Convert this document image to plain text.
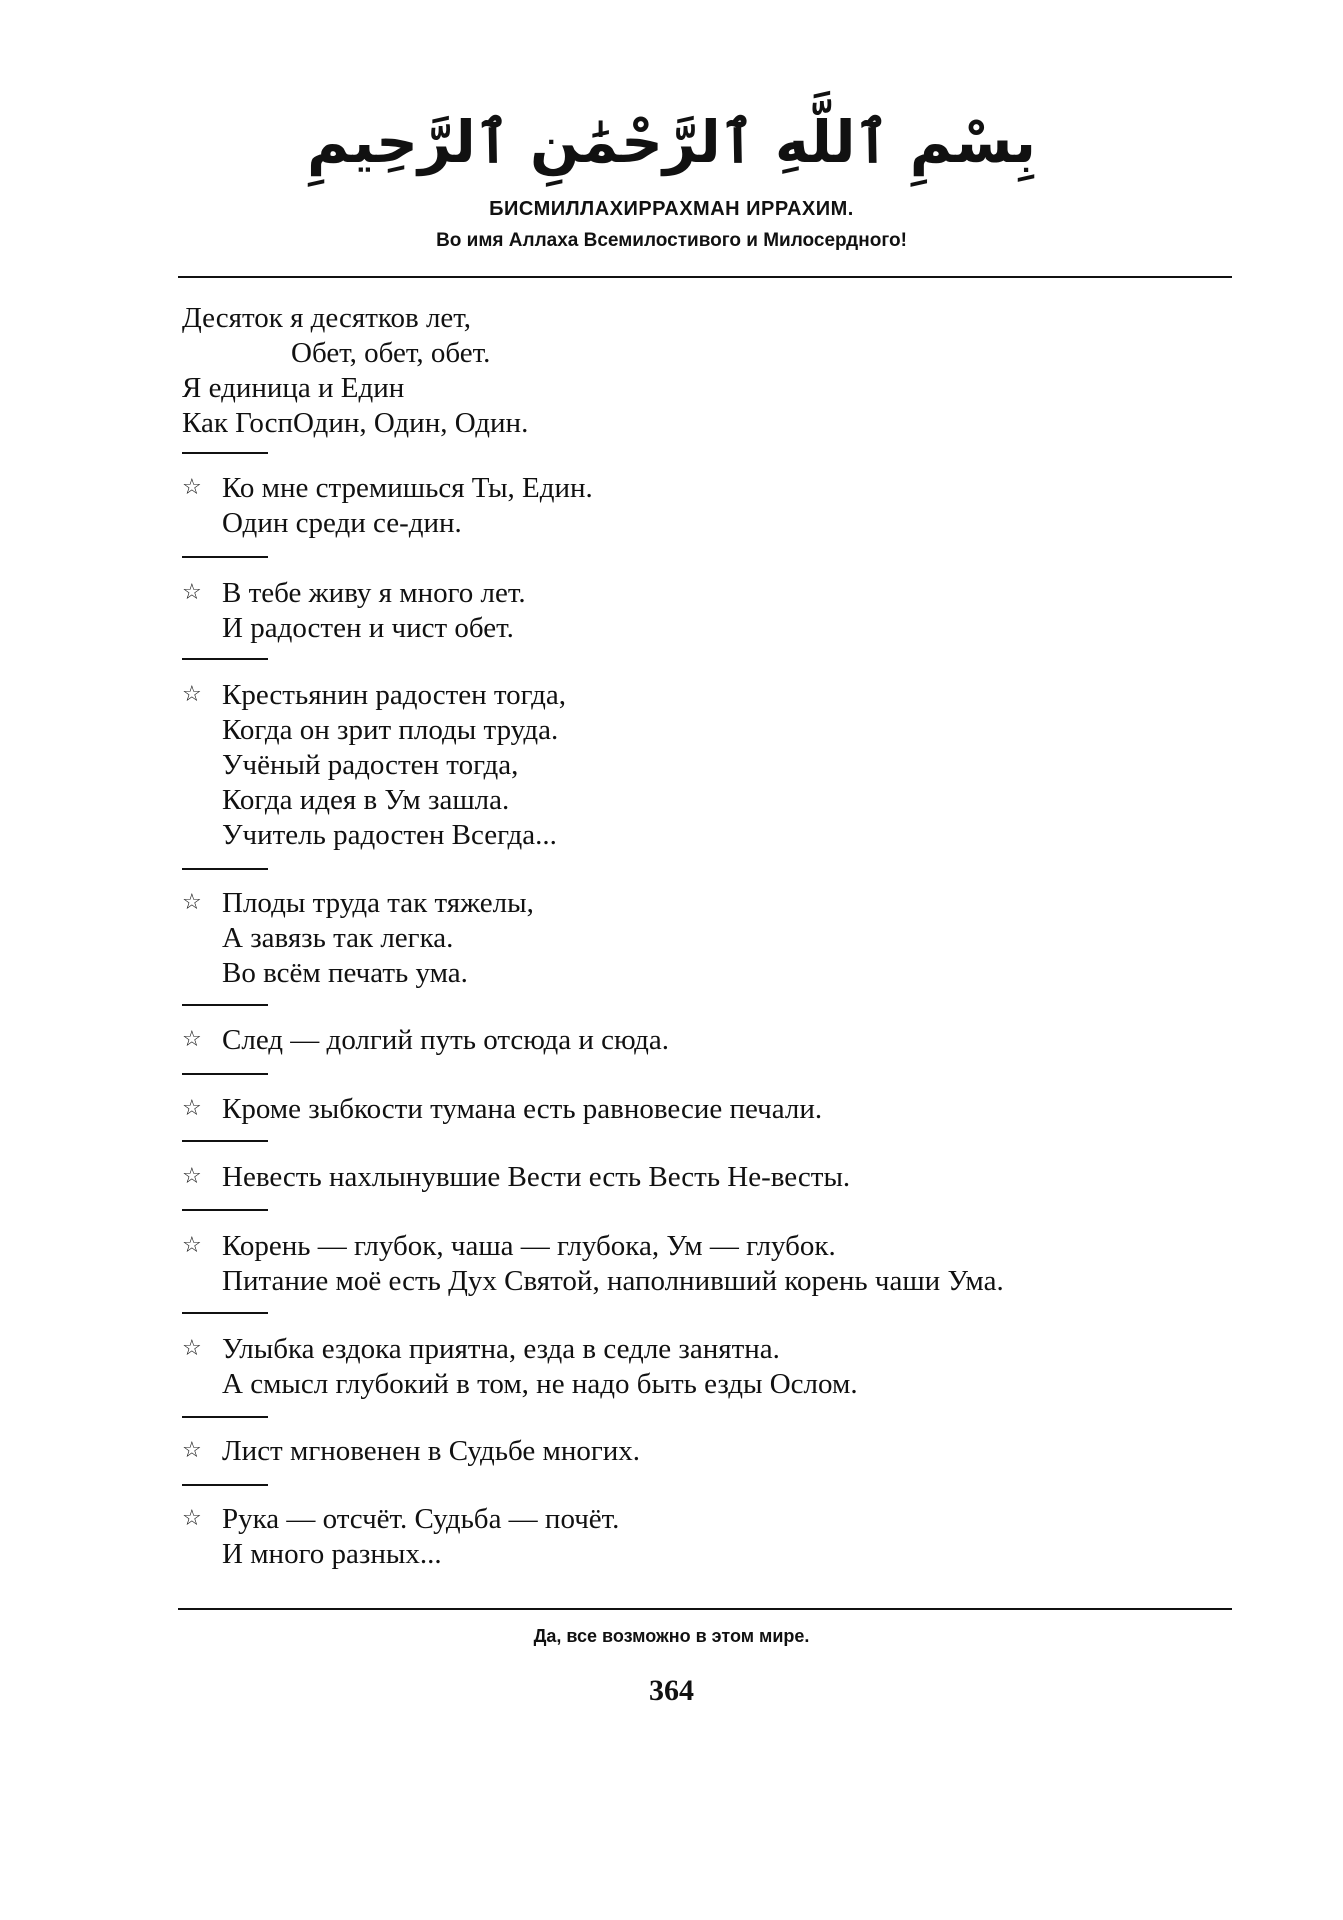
بِسْمِ ٱللَّهِ ٱلرَّحْمَٰنِ ٱلرَّحِيمِ
БИСМИЛЛАХИРРАХМАН ИРРАХИМ.
Во имя Аллаха Всемилостивого и Милосердного!
Десяток я десятков лет,
Обет, обет, обет.
Я единица и Един
Как ГоспОдин, Один, Один.
☆ Ко мне стремишься Ты, Един.
Один среди се-дин.
☆ В тебе живу я много лет.
И радостен и чист обет.
☆ Крестьянин радостен тогда,
Когда он зрит плоды труда.
Учёный радостен тогда,
Когда идея в Ум зашла.
Учитель радостен Всегда...
☆ Плоды труда так тяжелы,
А завязь так легка.
Во всём печать ума.
☆ След — долгий путь отсюда и сюда.
☆ Кроме зыбкости тумана есть равновесие печали.
☆ Невесть нахлынувшие Вести есть Весть Не-весты.
☆ Корень — глубок, чаша — глубока, Ум — глубок.
Питание моё есть Дух Святой, наполнивший корень чаши Ума.
☆ Улыбка ездока приятна, езда в седле занятна.
А смысл глубокий в том, не надо быть езды Ослом.
☆ Лист мгновенен в Судьбе многих.
☆ Рука — отсчёт. Судьба — почёт.
И много разных...
Да, все возможно в этом мире.
364
